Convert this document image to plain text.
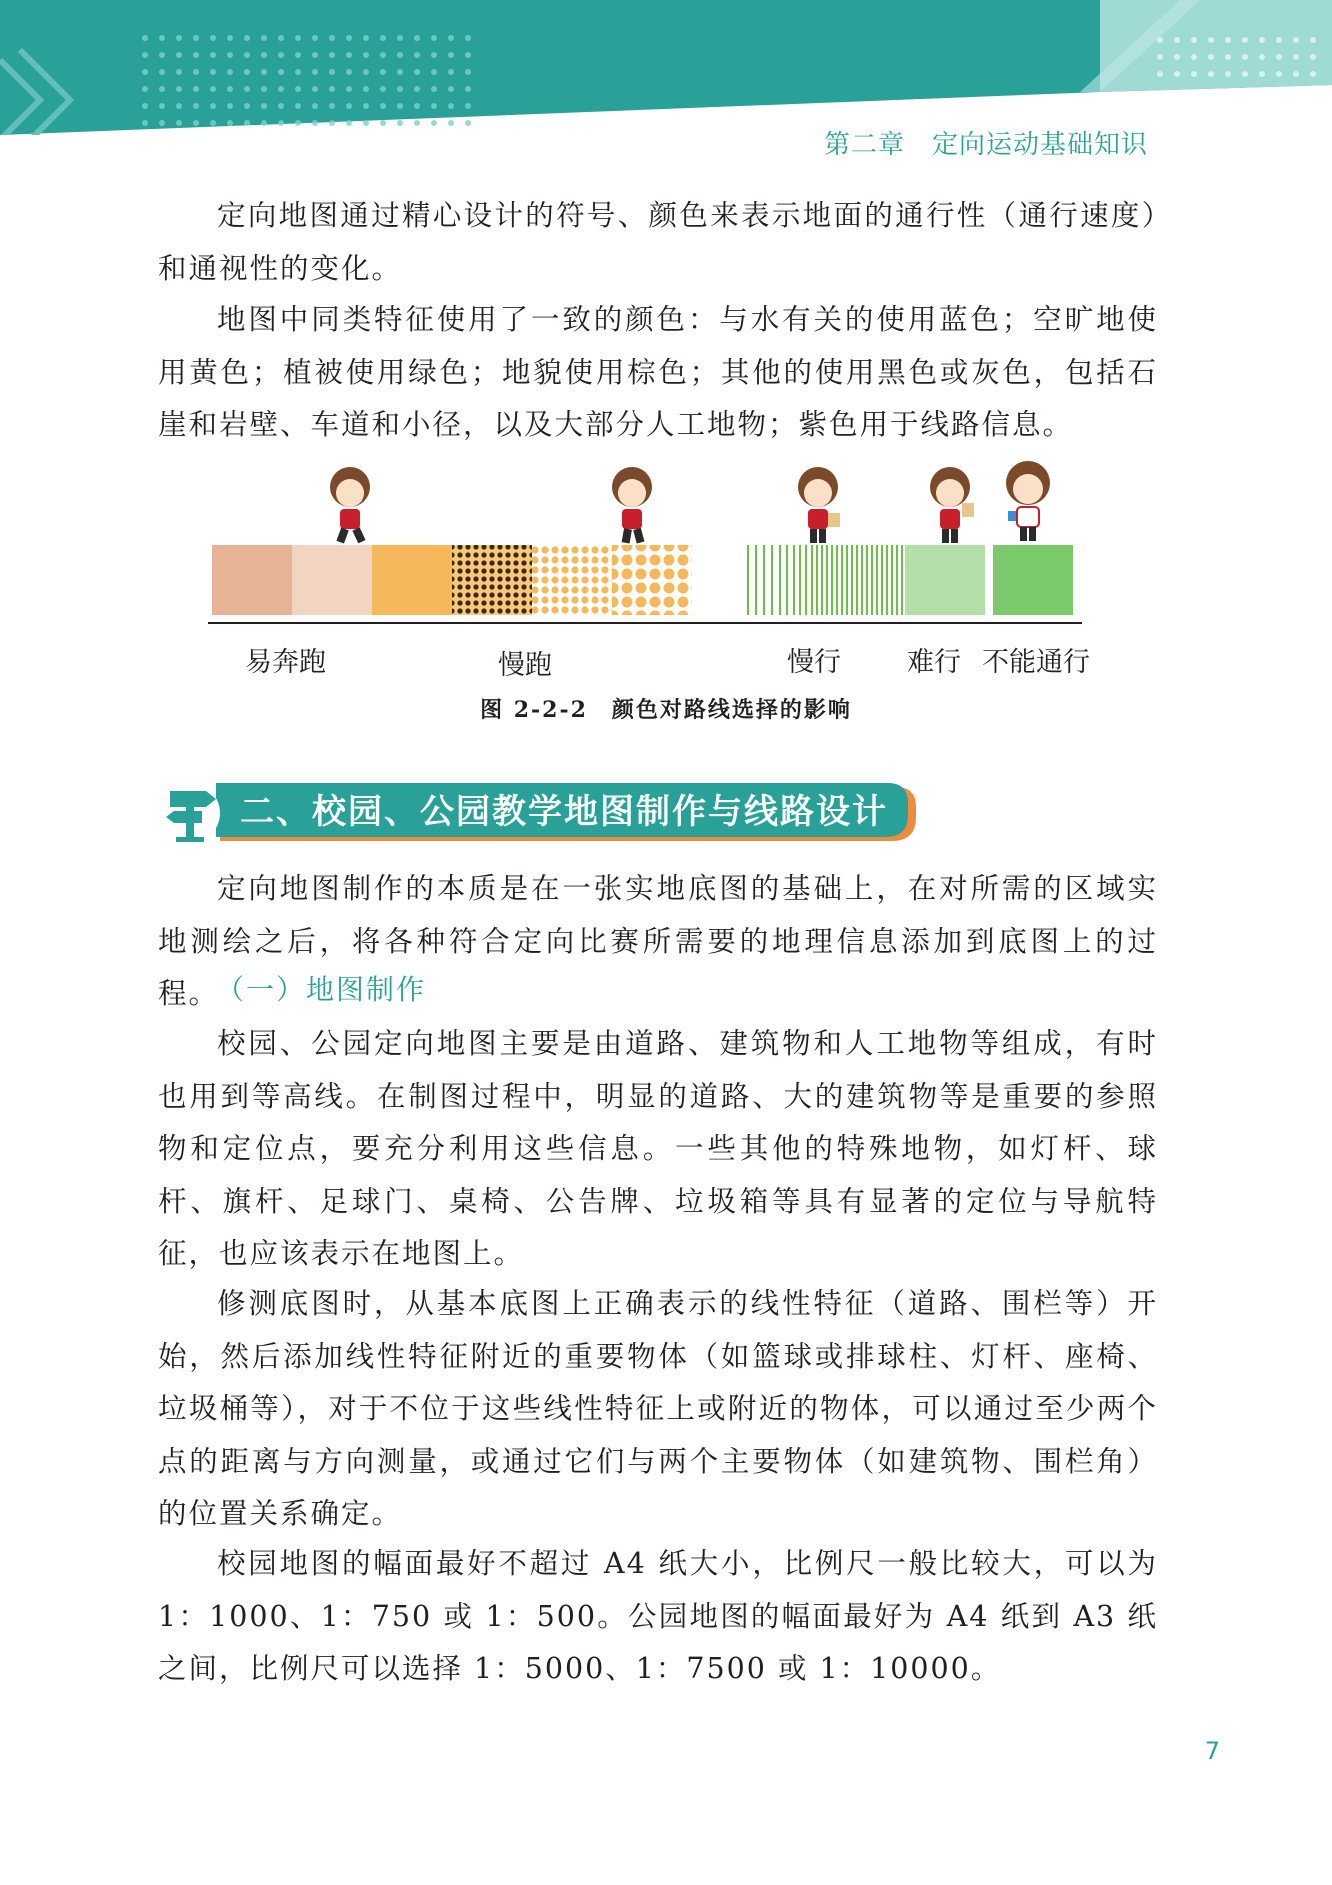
第二章　定向运动基础知识

定向地图通过精心设计的符号、颜色来表示地面的通行性（通行速度）和通视性的变化。

地图中同类特征使用了一致的颜色：与水有关的使用蓝色；空旷地使用黄色；植被使用绿色；地貌使用棕色；其他的使用黑色或灰色，包括石崖和岩壁、车道和小径，以及大部分人工地物；紫色用于线路信息。

易奔跑	慢跑	慢行 难行 不能通行
图 2-2-2　颜色对路线选择的影响
二、校园、公园教学地图制作与线路设计

定向地图制作的本质是在一张实地底图的基础上，在对所需的区域实地测绘之后，将各种符合定向比赛所需要的地理信息添加到底图上的过程。

（一）地图制作

校园、公园定向地图主要是由道路、建筑物和人工地物等组成，有时也用到等高线。在制图过程中，明显的道路、大的建筑物等是重要的参照物和定位点，要充分利用这些信息。一些其他的特殊地物，如灯杆、球杆、旗杆、足球门、桌椅、公告牌、垃圾箱等具有显著的定位与导航特征，也应该表示在地图上。

修测底图时，从基本底图上正确表示的线性特征（道路、围栏等）开始，然后添加线性特征附近的重要物体（如篮球或排球柱、灯杆、座椅、垃圾桶等），对于不位于这些线性特征上或附近的物体，可以通过至少两个点的距离与方向测量，或通过它们与两个主要物体（如建筑物、围栏角）的位置关系确定。

校园地图的幅面最好不超过 A4 纸大小，比例尺一般比较大，可以为 1：1000、1：750 或 1：500。公园地图的幅面最好为 A4 纸到 A3 纸之间，比例尺可以选择 1：5000、1：7500 或 1：10000。

7
